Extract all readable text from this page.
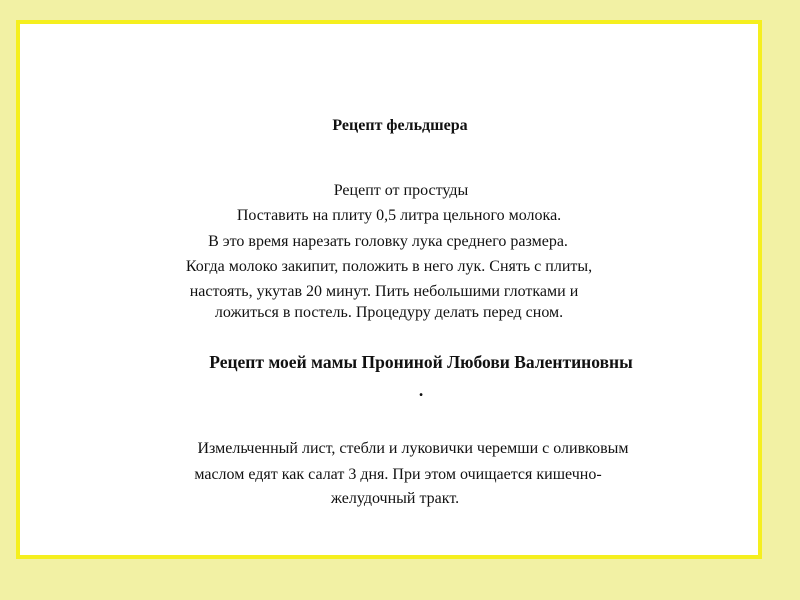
Рецепт фельдшера
Рецепт от простуды
Поставить на плиту 0,5 литра цельного молока.
В это время нарезать головку лука среднего размера.
Когда молоко закипит, положить в него лук. Снять с плиты,
настоять, укутав 20 минут. Пить небольшими глотками и
ложиться в постель. Процедуру делать перед сном.
Рецепт моей мамы Прониной Любови Валентиновны
.
Измельченный лист, стебли и луковички черемши с оливковым
маслом едят как салат 3 дня. При этом очищается кишечно-
желудочный тракт.
